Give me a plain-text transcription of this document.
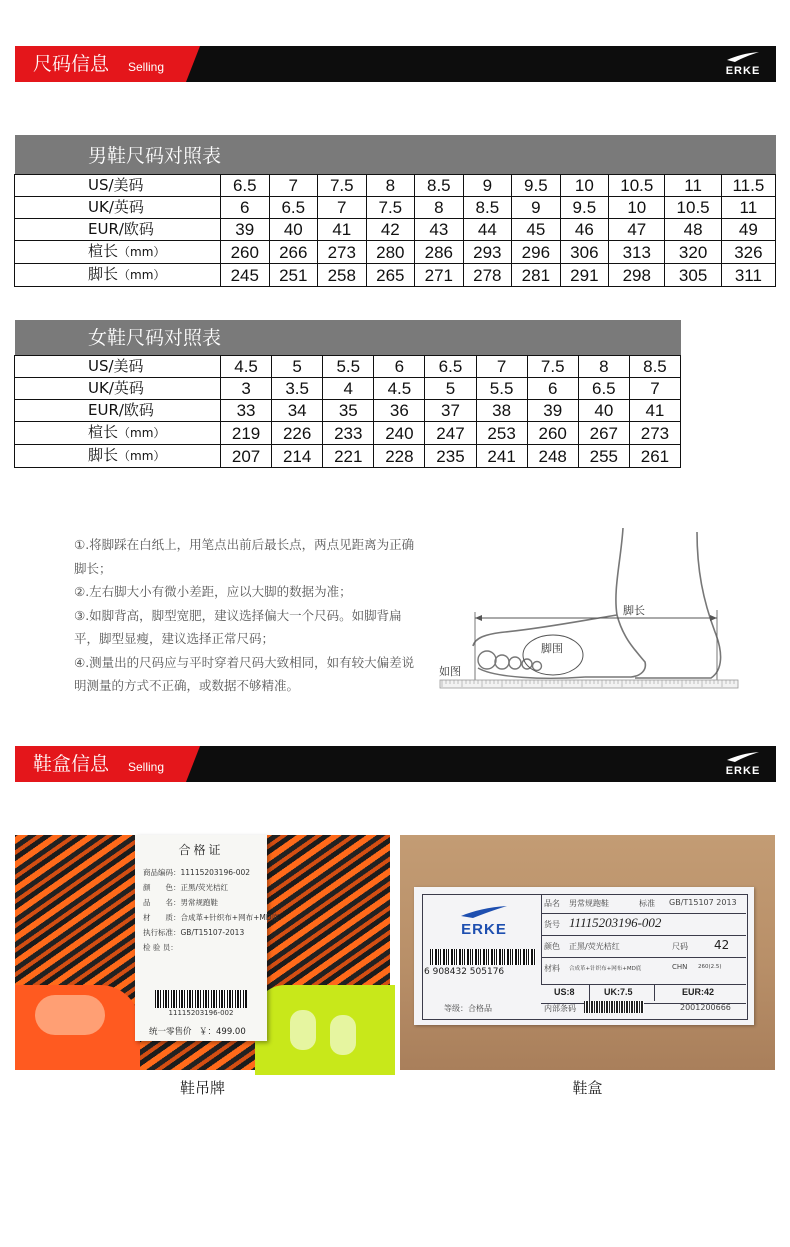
尺码信息 Selling	ERKE
男鞋尺码对照表
US/美码	6.5	7	7.5	8	8.5	9	9.5	10	10.5	11	11.5
UK/英码	6	6.5	7	7.5	8	8.5	9	9.5	10	10.5	11
EUR/欧码	39	40	41	42	43	44	45	46	47	48	49
楦长（mm）	260	266	273	280	286	293	296	306	313	320	326
脚长（mm）	245	251	258	265	271	278	281	291	298	305	311
女鞋尺码对照表
US/美码	4.5	5	5.5	6	6.5	7	7.5	8	8.5
UK/英码	3	3.5	4	4.5	5	5.5	6	6.5	7
EUR/欧码	33	34	35	36	37	38	39	40	41
楦长（mm）	219	226	233	240	247	253	260	267	273
脚长（mm）	207	214	221	228	235	241	248	255	261

①.将脚踩在白纸上，用笔点出前后最长点，两点见距离为正确脚长；

②.左右脚大小有微小差距，应以大脚的数据为准；

③.如脚背高，脚型宽肥，建议选择偏大一个尺码。如脚背扁平，脚型显瘦，建议选择正常尺码；

④.测量出的尺码应与平时穿着尺码大致相同，如有较大偏差说明测量的方式不正确，或数据不够精准。

脚长
脚围
如图
鞋盒信息 Selling	ERKE
合格证
商品编码：11115203196-002
颜　　色：正黑/荧光桔红
品　　名：男常规跑鞋
材　　质：合成革+针织布+网布+MD底
执行标准：GB/T15107-2013
检 验 员：
11115203196-002
统一零售价 ￥：499.00
鞋吊牌
ERKE
品名 男常规跑鞋	标准 GB/T15107 2013
货号 11115203196-002
颜色 正黑/荧光桔红	尺码 42
材料 合成革+针织布+网布+MD底	CHN 260(2.5)
6 908432 505176
US:8	UK:7.5	EUR:42
等级：合格品	内部条码	2001200666
鞋盒
